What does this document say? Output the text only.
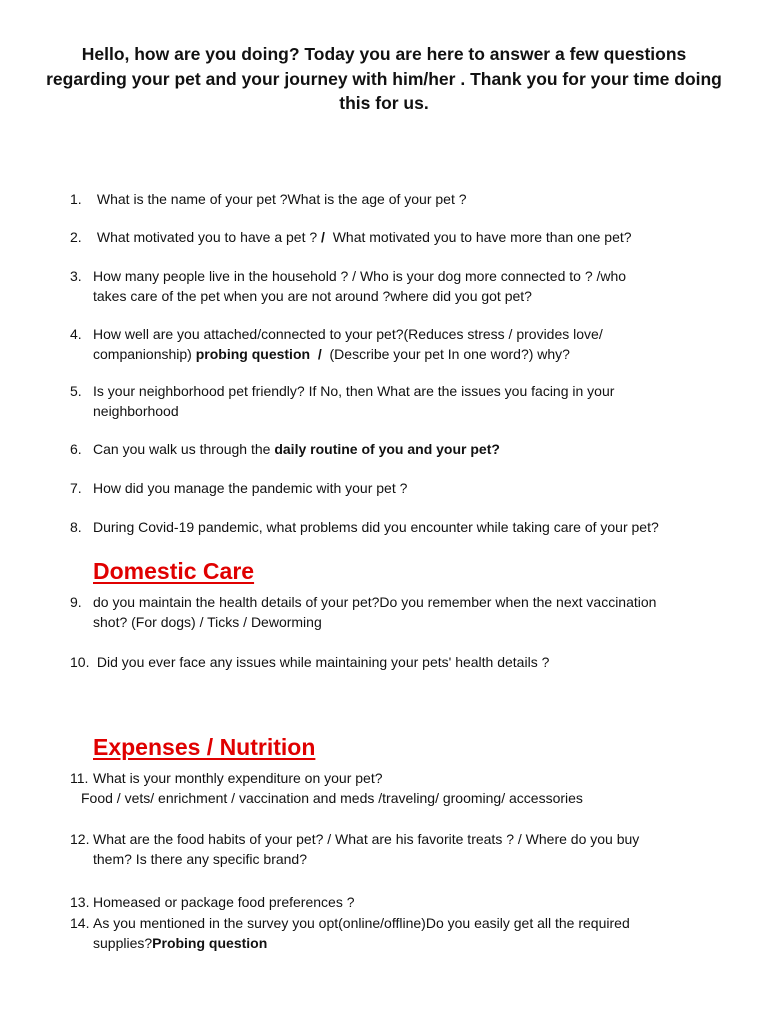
Hello, how are you doing? Today you are here to answer a few questions regarding your pet and your journey with him/her . Thank you for your time doing this for us.
1. What is the name of your pet ?What is the age of your pet ?
2. What motivated you to have a pet ? /  What motivated you to have more than one pet?
3. How many people live in the household ? / Who is your dog more connected to ? /who
takes care of the pet when you are not around ?where did you got pet?
4. How well are you attached/connected to your pet?(Reduces stress / provides love/
companionship) probing question  /  (Describe your pet In one word?) why?
5. Is your neighborhood pet friendly? If No, then What are the issues you facing in your
neighborhood
6. Can you walk us through the daily routine of you and your pet?
7. How did you manage the pandemic with your pet ?
8. During Covid-19 pandemic, what problems did you encounter while taking care of your pet?
Domestic Care
9. do you maintain the health details of your pet?Do you remember when the next vaccination
shot? (For dogs) / Ticks / Deworming
10. Did you ever face any issues while maintaining your pets' health details ?
Expenses / Nutrition
11. What is your monthly expenditure on your pet?
Food / vets/ enrichment / vaccination and meds /traveling/ grooming/ accessories
12. What are the food habits of your pet? / What are his favorite treats ? / Where do you buy
them? Is there any specific brand?
13. Homeased or package food preferences ?
14. As you mentioned in the survey you opt(online/offline)Do you easily get all the required
supplies?Probing question
